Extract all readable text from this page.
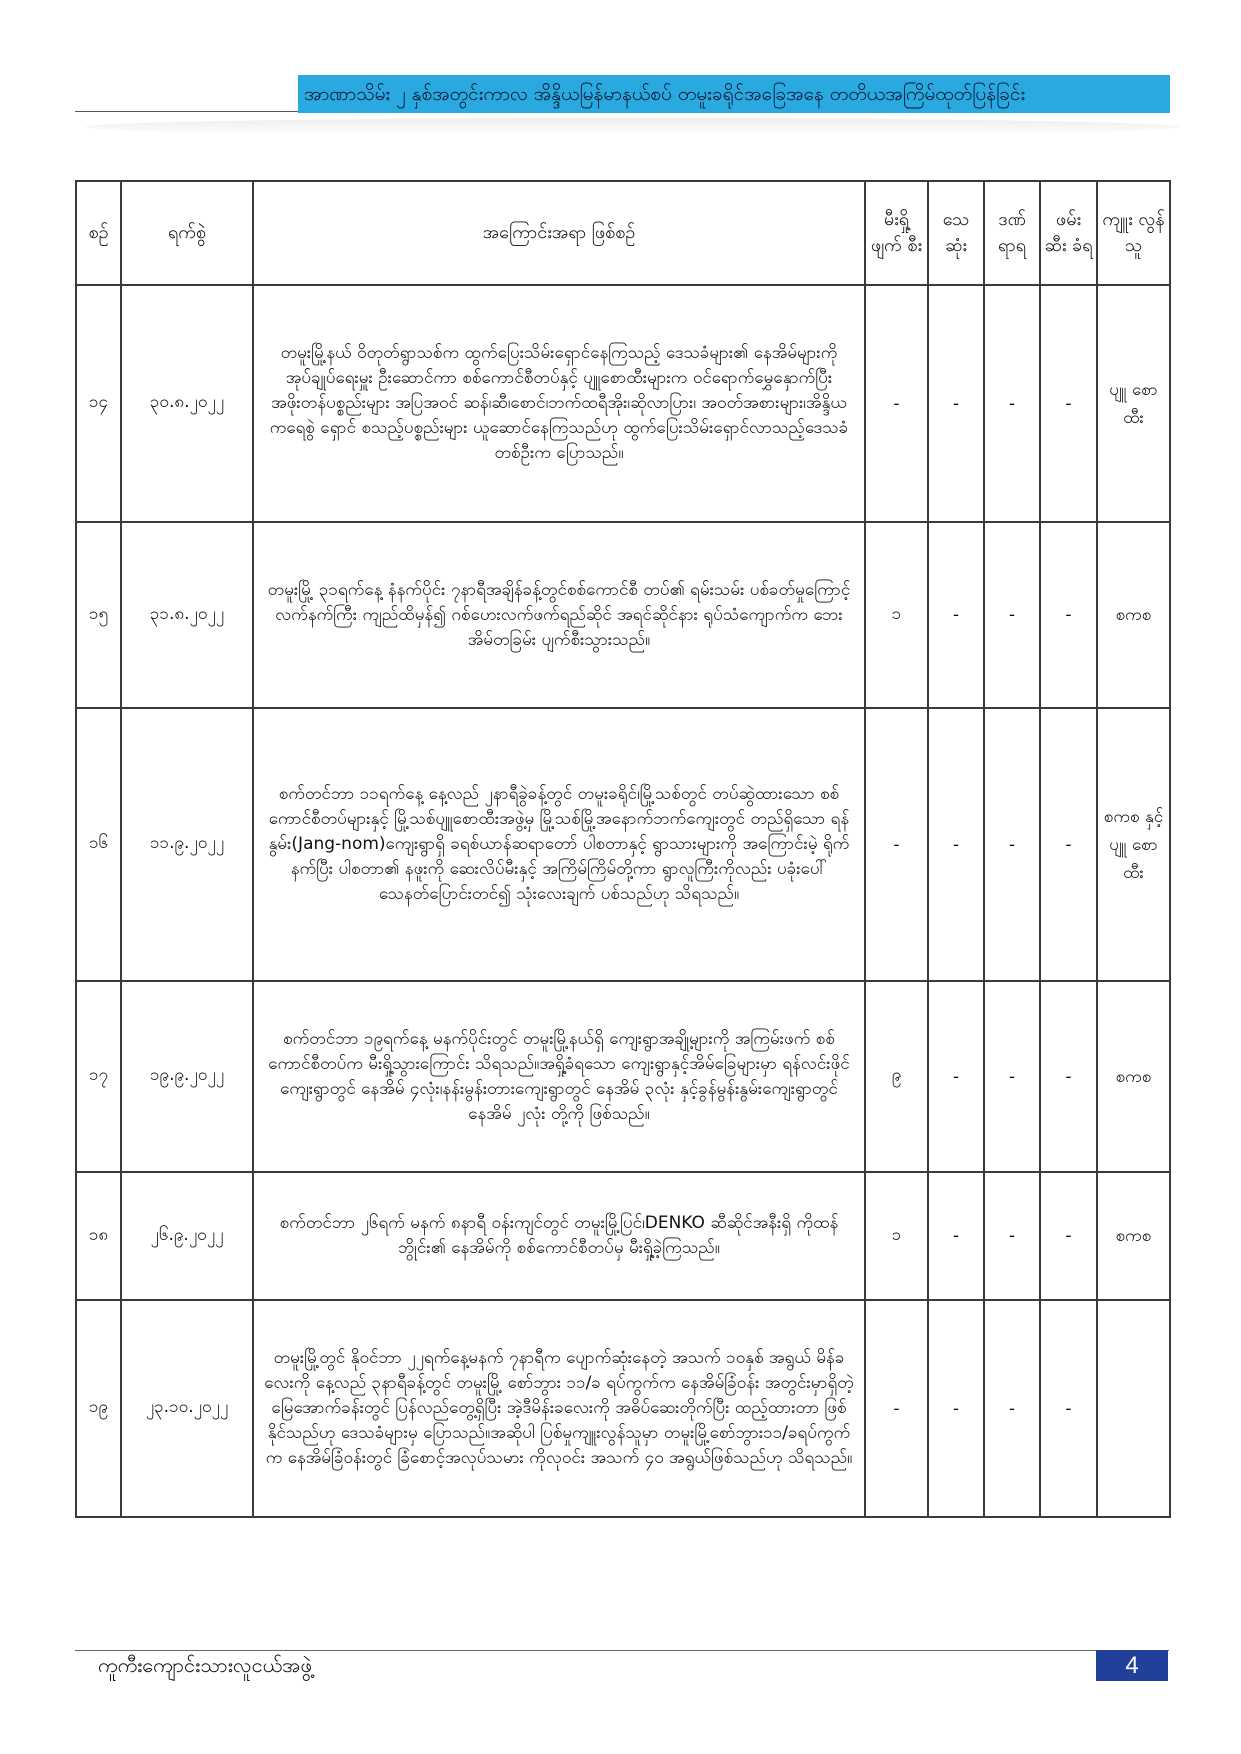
အာဏာသိမ်း ၂ နှစ်အတွင်းကာလ အိန္ဒိယမြန်မာနယ်စပ် တမူးခရိုင်အခြေအနေ တတိယအကြိမ်ထုတ်ပြန်ခြင်း
စဉ်	ရက်စွဲ	အကြောင်းအရာ ဖြစ်စဉ်	မီးရှို့ ဖျက် စီး	သေ ဆုံး	ဒဏ် ရာရ	ဖမ်း ဆီး ခံရ	ကျူး လွန် သူ
၁၄	၃၀.၈.၂၀၂၂	တမူးမြို့နယ် ဝိတုတ်ရွာသစ်က ထွက်ပြေးသိမ်းရှောင်နေကြသည့် ဒေသခံများ၏ နေအိမ်များကို အုပ်ချုပ်ရေးမှူး ဦးဆောင်ကာ စစ်ကောင်စီတပ်နှင့် ပျူစောထီးများက ဝင်ရောက်မွှေနှောက်ပြီး အဖိုးတန်ပစ္စည်းများ အပြအဝင် ဆန်၊ဆီ၊စောင်၊ဘက်ထရီအိုး၊ဆိုလာပြား၊ အဝတ်အစားများ၊အိန္ဒိယကရေစွဲ ရှောင် စသည့်ပစ္စည်းများ ယူဆောင်နေကြသည်ဟု ထွက်ပြေးသိမ်းရှောင်လာသည့်ဒေသခံ တစ်ဦးက ပြောသည်။	-	-	-	-	ပျူ စော ထီး
၁၅	၃၁.၈.၂၀၂၂	တမူးမြို့ ၃၁ရက်နေ့ နံနက်ပိုင်း ၇နာရီအချိန်ခန့်တွင်စစ်ကောင်စီ တပ်၏ ရမ်းသမ်း ပစ်ခတ်မှုကြောင့် လက်နက်ကြီး ကျည်ထိမှန်၍ ဂစ်ဟေးလက်ဖက်ရည်ဆိုင် အရင်ဆိုင်နား ရုပ်သံကျောက်က ဘေးအိမ်တခြမ်း ပျက်စီးသွားသည်။	၁	-	-	-	စကစ
၁၆	၁၁.၉.၂၀၂၂	စက်တင်ဘာ ၁၁ရက်နေ့ နေ့လည် ၂နာရီခွဲခန့်တွင် တမူးခရိုင်၊မြို့သစ်တွင် တပ်ဆွဲထားသော စစ်ကောင်စီတပ်များနှင့် မြို့သစ်ပျူစောထီးအဖွဲ့မှ မြို့သစ်မြို့အနောက်ဘက်ကျေးတွင် တည်ရှိသော ရန်နွမ်း(Jang-nom)ကျေးရွာရှိ ခရစ်ယာန်ဆရာတော် ပါစတာနှင့် ရွာသားများကို အကြောင်းမဲ့ ရိုက်နက်ပြီး ပါစတာ၏ နဖူးကို ဆေးလိပ်မီးနှင့် အကြိမ်ကြိမ်တို့ကာ ရွာလူကြီးကိုလည်း ပခုံးပေါ် သေနတ်ပြောင်းတင်၍ သုံးလေးချက် ပစ်သည်ဟု သိရသည်။	-	-	-	-	စကစ နှင့် ပျူ စော ထီး
၁၇	၁၉.၉.၂၀၂၂	စက်တင်ဘာ ၁၉ရက်နေ့ မနက်ပိုင်းတွင် တမူးမြို့နယ်ရှိ ကျေးရွာအချို့များကို အကြမ်းဖက် စစ်ကောင်စီတပ်က မီးရှို့သွားကြောင်း သိရသည်။အရှို့ခံရသော ကျေးရွာနှင့်အိမ်ခြေများမှာ ရန်လင်းဖိုင်ကျေးရွာတွင် နေအိမ် ၄လုံး၊နန်းမွန်းတားကျေးရွာတွင် နေအိမ် ၃လုံး နှင့်ခွန်မွန်းနွမ်းကျေးရွာတွင် နေအိမ် ၂လုံး တို့ကို ဖြစ်သည်။	၉	-	-	-	စကစ
၁၈	၂၆.၉.၂၀၂၂	စက်တင်ဘာ ၂၆ရက် မနက် ၈နာရီ ဝန်းကျင်တွင် တမူးမြို့ပြင်၊DENKO ဆီဆိုင်အနီးရှိ ကိုထန်ဘွိုင်း၏ နေအိမ်ကို စစ်ကောင်စီတပ်မှ မီးရှို့ခဲ့ကြသည်။	၁	-	-	-	စကစ
၁၉	၂၃.၁၀.၂၀၂၂	တမူးမြို့တွင် နိုဝင်ဘာ ၂၂ရက်နေ့မနက် ၇နာရီက ပျောက်ဆုံးနေတဲ့ အသက် ၁၀နှစ် အရွယ် မိန်ခလေးကို နေ့လည် ၃နာရီခန့်တွင် တမူးမြို့ စော်ဘွား ၁၁/ခ ရပ်ကွက်က နေအိမ်ခြံဝန်း အတွင်းမှာရှိတဲ့ မြေအောက်ခန်းတွင် ပြန်လည်တွေ့ရှိပြီး အဲ့ဒီမိန်းခလေးကို အဓိပ်ဆေးတိုက်ပြီး ထည့်ထားတာ ဖြစ်နိုင်သည်ဟု ဒေသခံများမှ ပြောသည်။အဆိုပါ ပြစ်မှုကျူးလွန်သူမှာ တမူးမြို့စော်ဘွား၁၁/ခရပ်ကွက်က နေအိမ်ခြံဝန်းတွင် ခြံစောင့်အလုပ်သမား ကိုလုဝင်း အသက် ၄၀ အရွယ်ဖြစ်သည်ဟု သိရသည်။	-	-	-	-	
ကူကီးကျောင်းသားလူငယ်အဖွဲ့	4
